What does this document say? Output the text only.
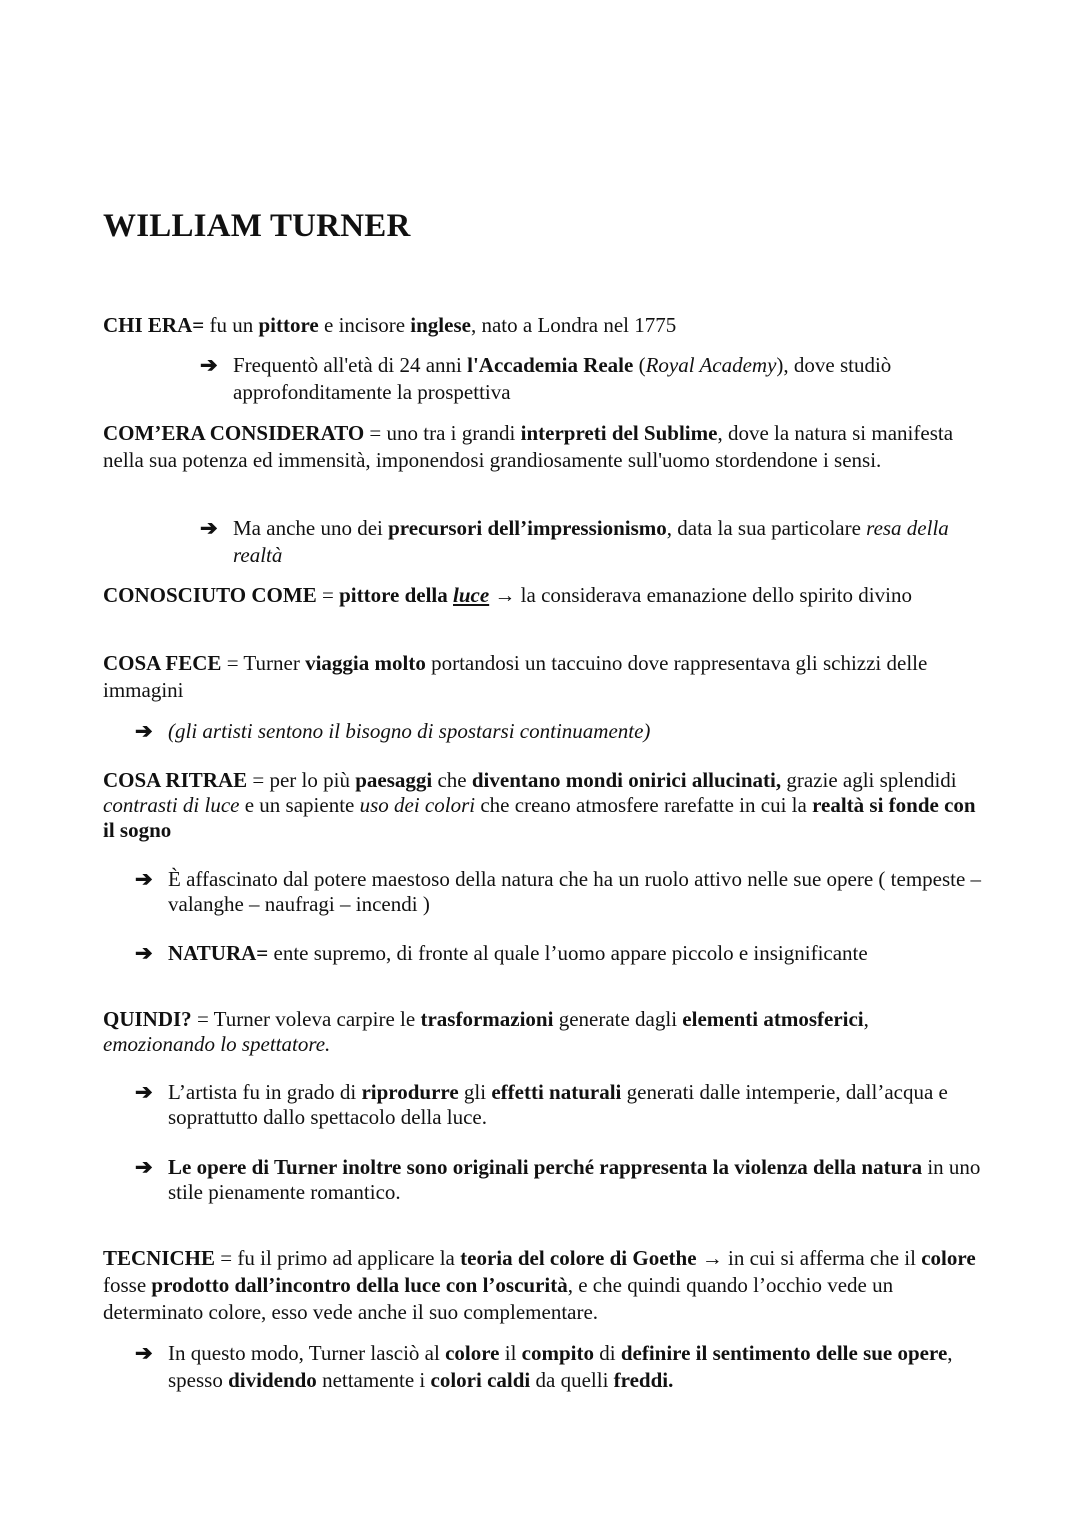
WILLIAM TURNER

CHI ERA= fu un pittore e incisore inglese, nato a Londra nel 1775

➔ Frequentò all'età di 24 anni l'Accademia Reale (Royal Academy), dove studiò approfonditamente la prospettiva

COM’ERA CONSIDERATO = uno tra i grandi interpreti del Sublime, dove la natura si manifesta nella sua potenza ed immensità, imponendosi grandiosamente sull'uomo stordendone i sensi.

➔ Ma anche uno dei precursori dell’impressionismo, data la sua particolare resa della realtà

CONOSCIUTO COME = pittore della luce → la considerava emanazione dello spirito divino

COSA FECE = Turner viaggia molto portandosi un taccuino dove rappresentava gli schizzi delle immagini

➔ (gli artisti sentono il bisogno di spostarsi continuamente)

COSA RITRAE = per lo più paesaggi che diventano mondi onirici allucinati, grazie agli splendidi contrasti di luce e un sapiente uso dei colori che creano atmosfere rarefatte in cui la realtà si fonde con il sogno

➔ È affascinato dal potere maestoso della natura che ha un ruolo attivo nelle sue opere ( tempeste – valanghe – naufragi – incendi )
➔ NATURA= ente supremo, di fronte al quale l’uomo appare piccolo e insignificante

QUINDI? = Turner voleva carpire le trasformazioni generate dagli elementi atmosferici, emozionando lo spettatore.

➔ L’artista fu in grado di riprodurre gli effetti naturali generati dalle intemperie, dall’acqua e soprattutto dallo spettacolo della luce.
➔ Le opere di Turner inoltre sono originali perché rappresenta la violenza della natura in uno stile pienamente romantico.

TECNICHE = fu il primo ad applicare la teoria del colore di Goethe → in cui si afferma che il colore fosse prodotto dall’incontro della luce con l’oscurità, e che quindi quando l’occhio vede un determinato colore, esso vede anche il suo complementare.

➔ In questo modo, Turner lasciò al colore il compito di definire il sentimento delle sue opere, spesso dividendo nettamente i colori caldi da quelli freddi.
